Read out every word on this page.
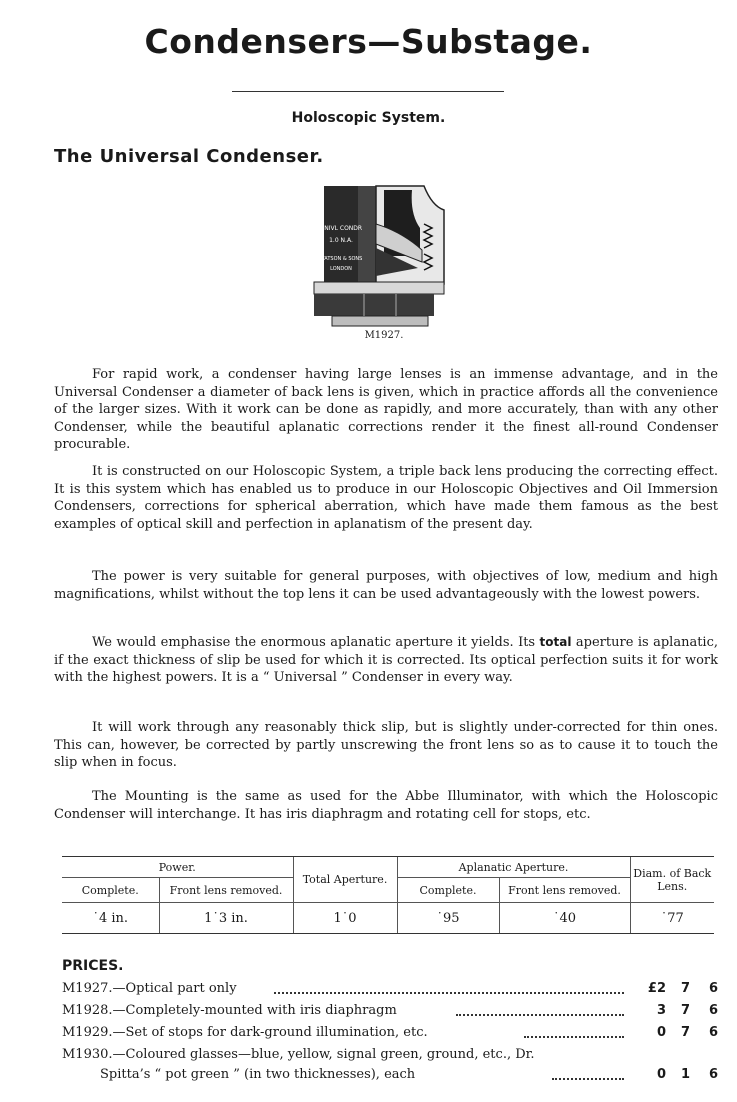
Condensers—Substage.
Holoscopic System.
The Universal Condenser.
UNIVL CONDR
1.0 N.A.
WATSON & SONS
LONDON
M1927.

For rapid work, a condenser having large lenses is an immense advantage, and in the Universal Condenser a diameter of back lens is given, which in practice affords all the convenience of the larger sizes. With it work can be done as rapidly, and more accurately, than with any other Condenser, while the beautiful aplanatic corrections render it the finest all-round Condenser procurable.

It is constructed on our Holoscopic System, a triple back lens producing the correcting effect. It is this system which has enabled us to produce in our Holoscopic Objectives and Oil Immersion Condensers, corrections for spherical aberration, which have made them famous as the best examples of optical skill and perfection in aplanatism of the present day.

The power is very suitable for general purposes, with objectives of low, medium and high magnifications, whilst without the top lens it can be used advantageously with the lowest powers.

We would emphasise the enormous aplanatic aperture it yields. Its total aperture is aplanatic, if the exact thickness of slip be used for which it is corrected. Its optical perfection suits it for work with the highest powers. It is a “ Universal ” Condenser in every way.

It will work through any reasonably thick slip, but is slightly under-corrected for thin ones. This can, however, be corrected by partly unscrewing the front lens so as to cause it to touch the slip when in focus.

The Mounting is the same as used for the Abbe Illuminator, with which the Holoscopic Condenser will interchange. It has iris diaphragm and rotating cell for stops, etc.

Power.		Total Aperture.	Aplanatic Aperture.		Diam. of Back Lens.
Complete.	Front lens removed.		Complete.	Front lens removed.	
˙4 in.	1˙3 in.	1˙0	˙95	˙40	˙77
PRICES.
M1927.—Optical part only	£2	7	6
M1928.—Completely-mounted with iris diaphragm	3	7	6
M1929.—Set of stops for dark-ground illumination, etc.	0	7	6
M1930.—Coloured glasses—blue, yellow, signal green, ground, etc., Dr.
Spitta’s “ pot green ” (in two thicknesses), each	0	1	6
